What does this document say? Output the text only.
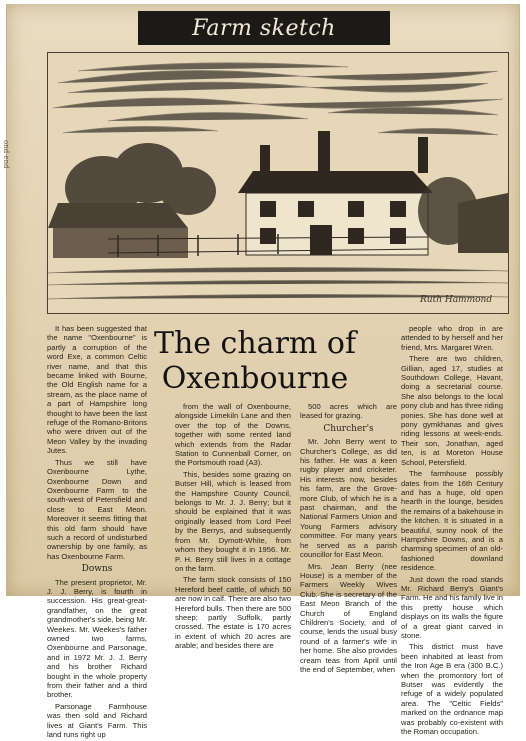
ond end
Farm sketch
Ruth Hammond
The charm of
Oxenbourne

It has been suggested that the name "Oxenbourne" is partly a corruption of the word Exe, a common Celtic river name, and that this became linked with Bourne, the Old English name for a stream, as the place name of a part of Hampshire long thought to have been the last refuge of the Romano-Britons who were driven out of the Meon Valley by the invading Jutes.

Thus we still have Oxenbourne Lythe, Oxenbourne Down and Oxenbourne Farm to the south-west of Petersfield and close to East Meon. Moreover it seems fitting that this old farm should have such a record of undisturbed ownership by one family, as has Oxenbourne Farm.

Downs

The present proprietor, Mr. J. J. Berry, is fourth in succession. His great-great-grandfather, on the great grandmother's side, being Mr. Weekes. Mr. Weekes's father owned two farms, Oxenbourne and Parsonage, and in 1972 Mr. J. J. Berry and his brother Richard bought in the whole property from their father and a third brother.

Parsonage Farmhouse was then sold and Richard lives at Giant's Farm. This land runs right up

from the wall of Oxenbourne, alongside Limekiln Lane and then over the top of the Downs, together with some rented land which extends from the Radar Station to Cunnenball Corner, on the Portsmouth road (A3).

This, besides some grazing on Butser Hill, which is leased from the Hampshire County Council, belongs to Mr. J. J. Berry; but it should be explained that it was originally leased from Lord Peel by the Berrys, and subsequently from Mr. Dymott-White, from whom they bought it in 1956. Mr. P. H. Berry still lives in a cottage on the farm.

The farm stock consists of 150 Hereford beef cattle, of which 50 are now in calf. There are also two Hereford bulls. Then there are 500 sheep; partly Suffolk, partly crossed. The estate is 170 acres in extent of which 20 acres are arable; and besides there are

500 acres which are leased for grazing.

Churcher's

Mr. John Berry went to Churcher's College, as did his father. He was a keen rugby player and cricketer. His interests now, besides his farm, are the Grove-more Club, of which he is a past chairman, and the National Farmers Union and Young Farmers advisory committee. For many years he served as a parish councillor for East Meon.

Mrs. Jean Berry (nee House) is a member of the Farmers Weekly Wives Club. She is secretary of the East Meon Branch of the Church of England Children's Society, and of course, lends the usual busy round of a farmer's wife in her home. She also provides cream teas from April until the end of September, when

people who drop in are attended to by herself and her friend, Mrs. Margaret Wren.

There are two children, Gillian, aged 17, studies at Southdown College, Havant, doing a secretarial course. She also belongs to the local pony club and has three riding ponies. She has done well at pony gymkhanas and gives riding lessons at week-ends. Their son, Jonathan, aged ten, is at Moreton House School, Petersfield.

The farmhouse possibly dates from the 16th Century and has a huge, old open hearth in the lounge, besides the remains of a bakehouse in the kitchen. It is situated in a beautiful, sunny nook of the Hampshire Downs, and is a charming specimen of an old-fashioned downland residence.

Just down the road stands Mr. Richard Berry's Giant's Farm. He and his family live in this pretty house which displays on its walls the figure of a great giant carved in stone.

This district must have been inhabited at least from the Iron Age B era (300 B.C.) when the promontory fort of Butser was evidently the refuge of a widely populated area. The "Celtic Fields" marked on the ordnance map was probably co-existent with the Roman occupation.
